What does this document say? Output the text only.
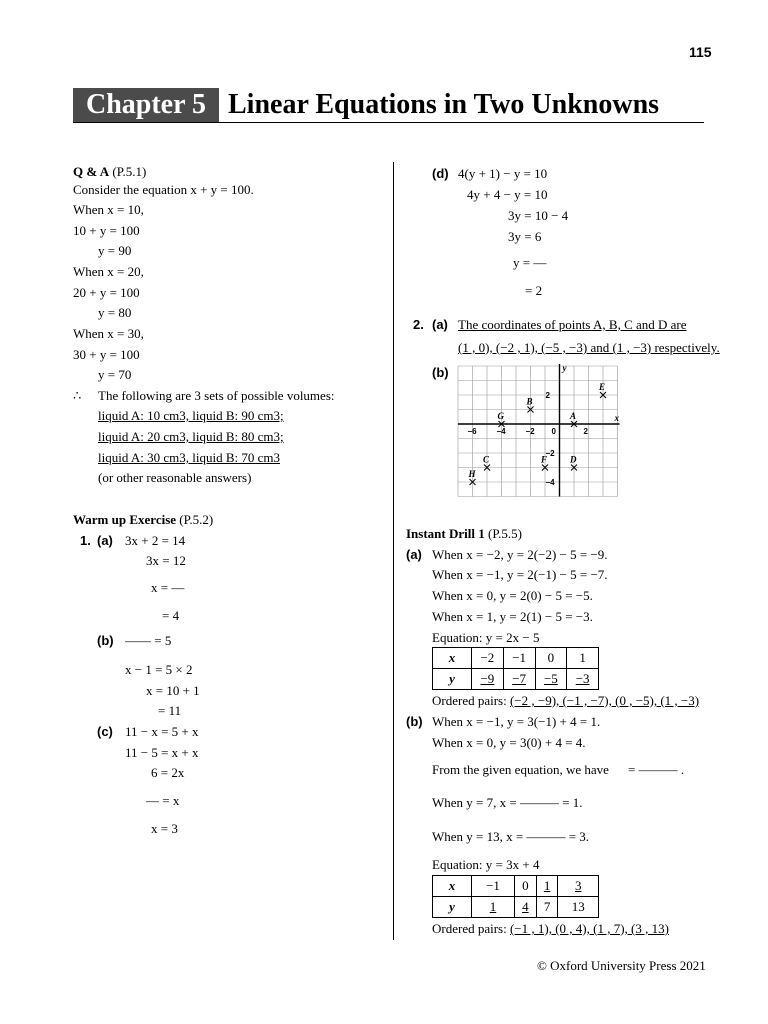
115
Chapter 5 Linear Equations in Two Unknowns
Q & A (P.5.1)
Consider the equation x + y = 100.
When x = 10,
10 + y = 100
y = 90
When x = 20,
20 + y = 100
y = 80
When x = 30,
30 + y = 100
y = 70
∴ The following are 3 sets of possible volumes:
liquid A: 10 cm3, liquid B: 90 cm3;
liquid A: 20 cm3, liquid B: 80 cm3;
liquid A: 30 cm3, liquid B: 70 cm3
(or other reasonable answers)
Warm up Exercise (P.5.2)
1. (a) 3x + 2 = 14
3x = 12
x = —
= 4
(b) —— = 5
x − 1 = 5 × 2
x = 10 + 1
= 11
(c) 11 − x = 5 + x
11 − 5 = x + x
6 = 2x
— = x
x = 3
(d) 4(y + 1) − y = 10
4y + 4 − y = 10
3y = 10 − 4
3y = 6
y = —
= 2
2. (a) The coordinates of points A, B, C and D are
(1 , 0), (−2 , 1), (−5 , −3) and (1 , −3) respectively.
(b)
x
y
0
−6 −4 −2	2
2
−2
−4
A
B
C	D
E
F
G
H
Instant Drill 1 (P.5.5)
(a) When x = −2, y = 2(−2) − 5 = −9.
When x = −1, y = 2(−1) − 5 = −7.
When x = 0, y = 2(0) − 5 = −5.
When x = 1, y = 2(1) − 5 = −3.
Equation: y = 2x − 5
x	−2	−1	0	1
y	−9	−7	−5	−3
Ordered pairs: (−2 , −9), (−1 , −7), (0 , −5), (1 , −3)
(b) When x = −1, y = 3(−1) + 4 = 1.
When x = 0, y = 3(0) + 4 = 4.
From the given equation, we have = ——— .
When y = 7, x = ——— = 1.
When y = 13, x = ——— = 3.
Equation: y = 3x + 4
x	−1	0	1	3
y	1	4	7	13
Ordered pairs: (−1 , 1), (0 , 4), (1 , 7), (3 , 13)
© Oxford University Press 2021
